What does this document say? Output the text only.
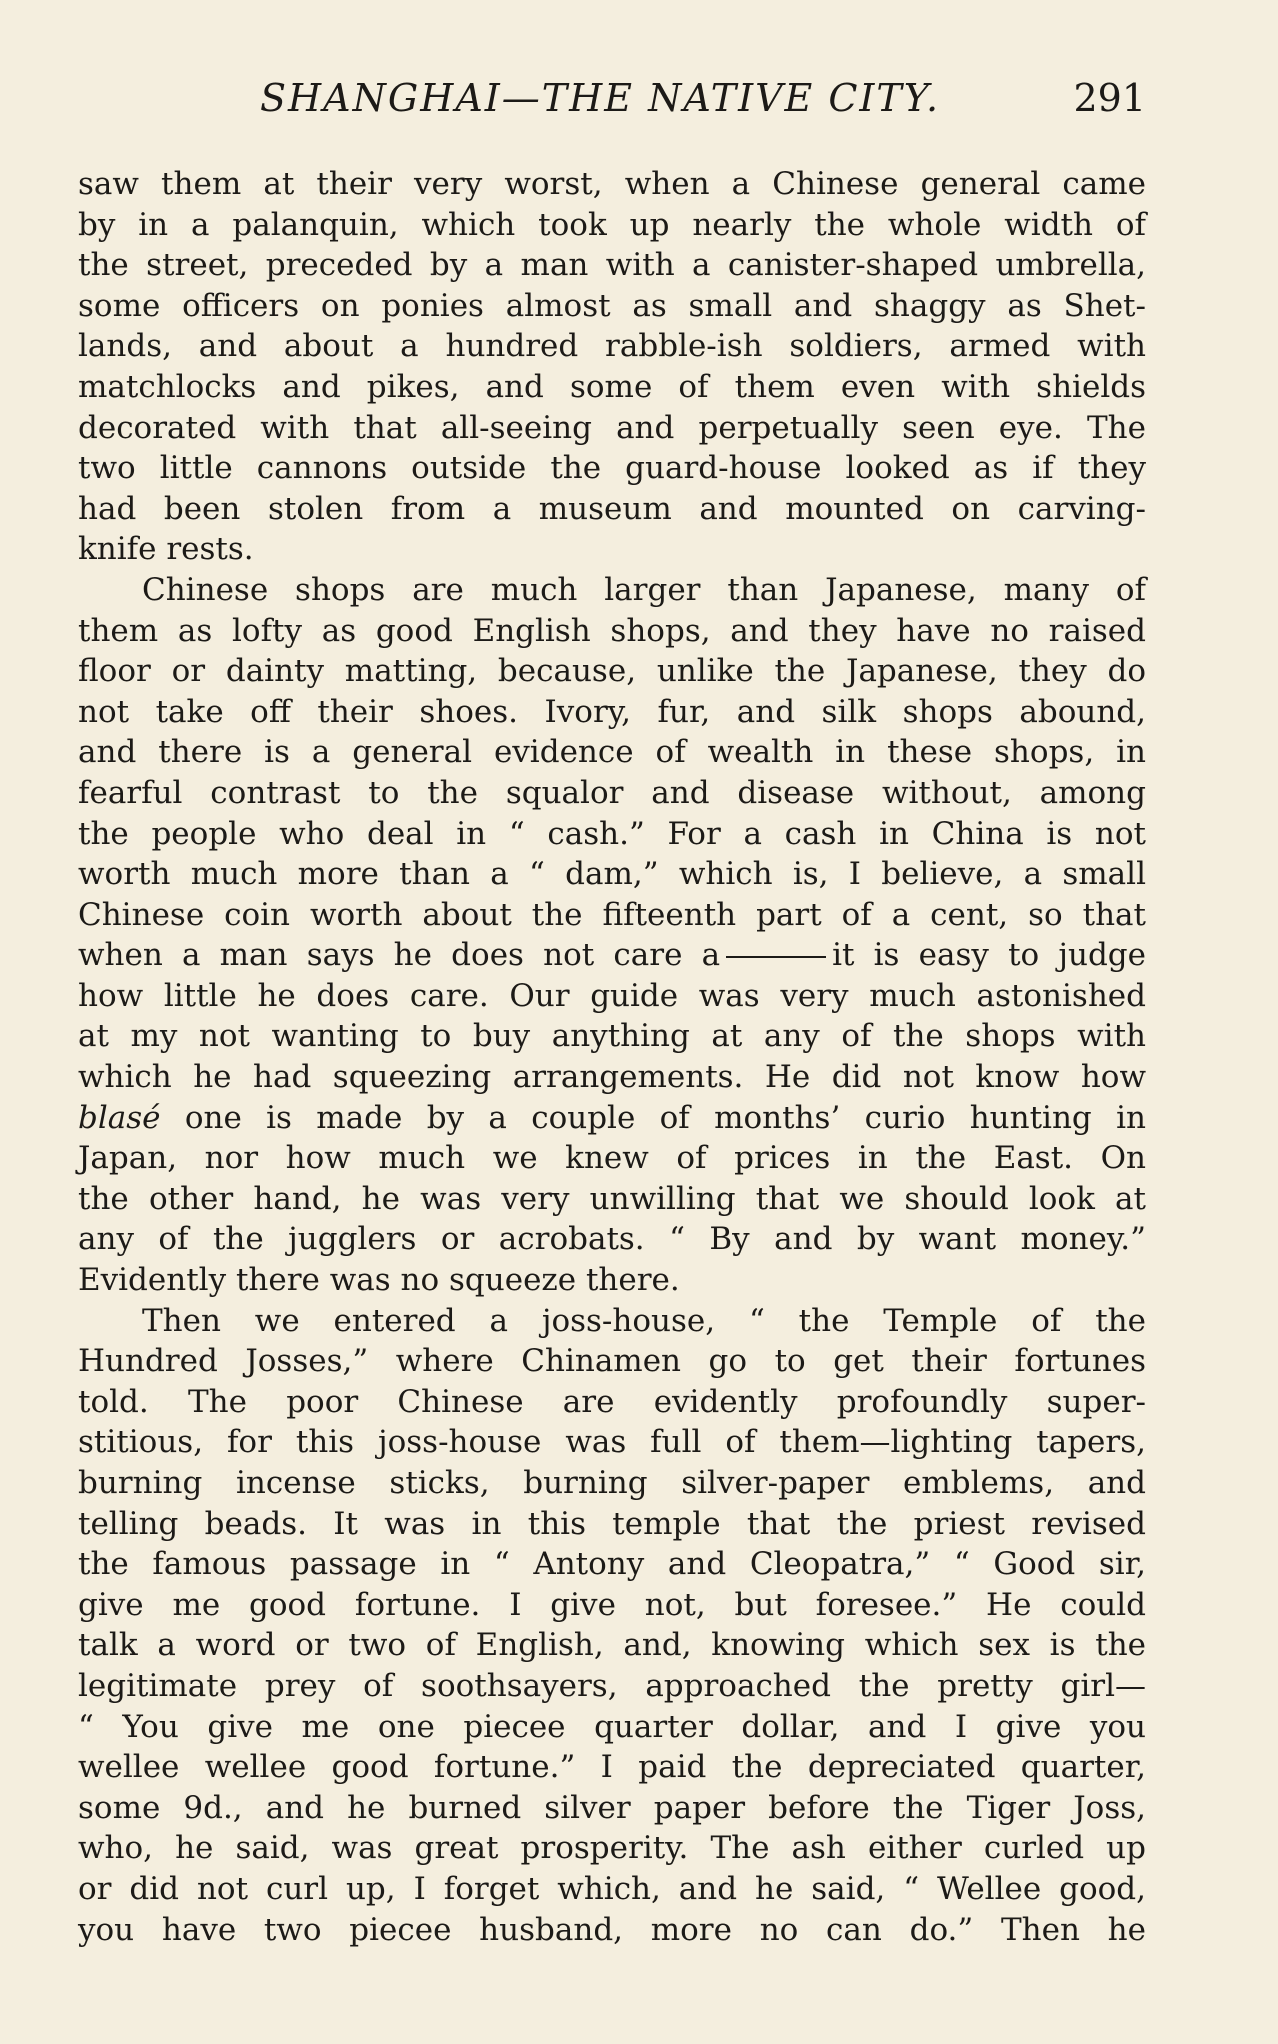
SHANGHAI—THE NATIVE CITY.	291
saw them at their very worst, when a Chinese general came
by in a palanquin, which took up nearly the whole width of
the street, preceded by a man with a canister-shaped umbrella,
some officers on ponies almost as small and shaggy as Shet-
lands, and about a hundred rabble-ish soldiers, armed with
matchlocks and pikes, and some of them even with shields
decorated with that all-seeing and perpetually seen eye. The
two little cannons outside the guard-house looked as if they
had been stolen from a museum and mounted on carving-
knife rests.
Chinese shops are much larger than Japanese, many of
them as lofty as good English shops, and they have no raised
floor or dainty matting, because, unlike the Japanese, they do
not take off their shoes. Ivory, fur, and silk shops abound,
and there is a general evidence of wealth in these shops, in
fearful contrast to the squalor and disease without, among
the people who deal in “ cash.” For a cash in China is not
worth much more than a “ dam,” which is, I believe, a small
Chinese coin worth about the fifteenth part of a cent, so that
when a man says he does not care a	it is easy to judge
how little he does care. Our guide was very much astonished
at my not wanting to buy anything at any of the shops with
which he had squeezing arrangements. He did not know how
blasé one is made by a couple of months’ curio hunting in
Japan, nor how much we knew of prices in the East. On
the other hand, he was very unwilling that we should look at
any of the jugglers or acrobats. “ By and by want money.”
Evidently there was no squeeze there.
Then we entered a joss-house, “ the Temple of the
Hundred Josses,” where Chinamen go to get their fortunes
told. The poor Chinese are evidently profoundly super-
stitious, for this joss-house was full of them—lighting tapers,
burning incense sticks, burning silver-paper emblems, and
telling beads. It was in this temple that the priest revised
the famous passage in “ Antony and Cleopatra,” “ Good sir,
give me good fortune. I give not, but foresee.” He could
talk a word or two of English, and, knowing which sex is the
legitimate prey of soothsayers, approached the pretty girl—
“ You give me one piecee quarter dollar, and I give you
wellee wellee good fortune.” I paid the depreciated quarter,
some 9d., and he burned silver paper before the Tiger Joss,
who, he said, was great prosperity. The ash either curled up
or did not curl up, I forget which, and he said, “ Wellee good,
you have two piecee husband, more no can do.” Then he
